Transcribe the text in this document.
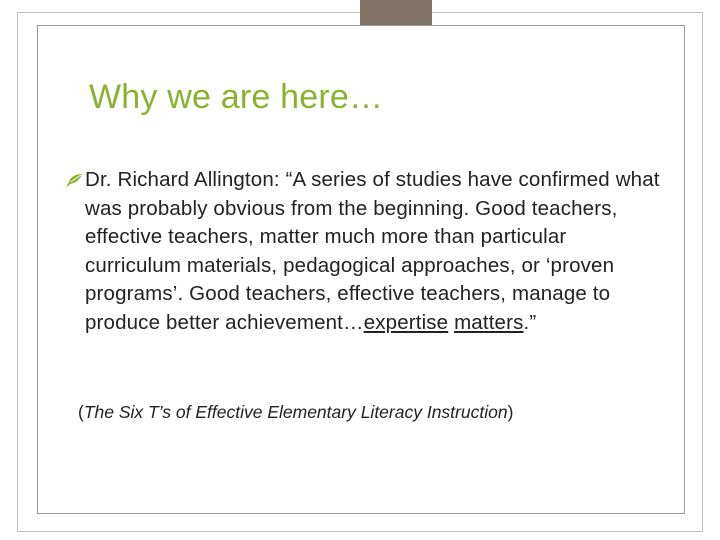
Why we are here…
Dr. Richard Allington: “A series of studies have confirmed what was probably obvious from the beginning. Good teachers, effective teachers, matter much more than particular curriculum materials, pedagogical approaches, or ‘proven programs’. Good teachers, effective teachers, manage to produce better achievement…expertise matters.”
(The Six T’s of Effective Elementary Literacy Instruction)
